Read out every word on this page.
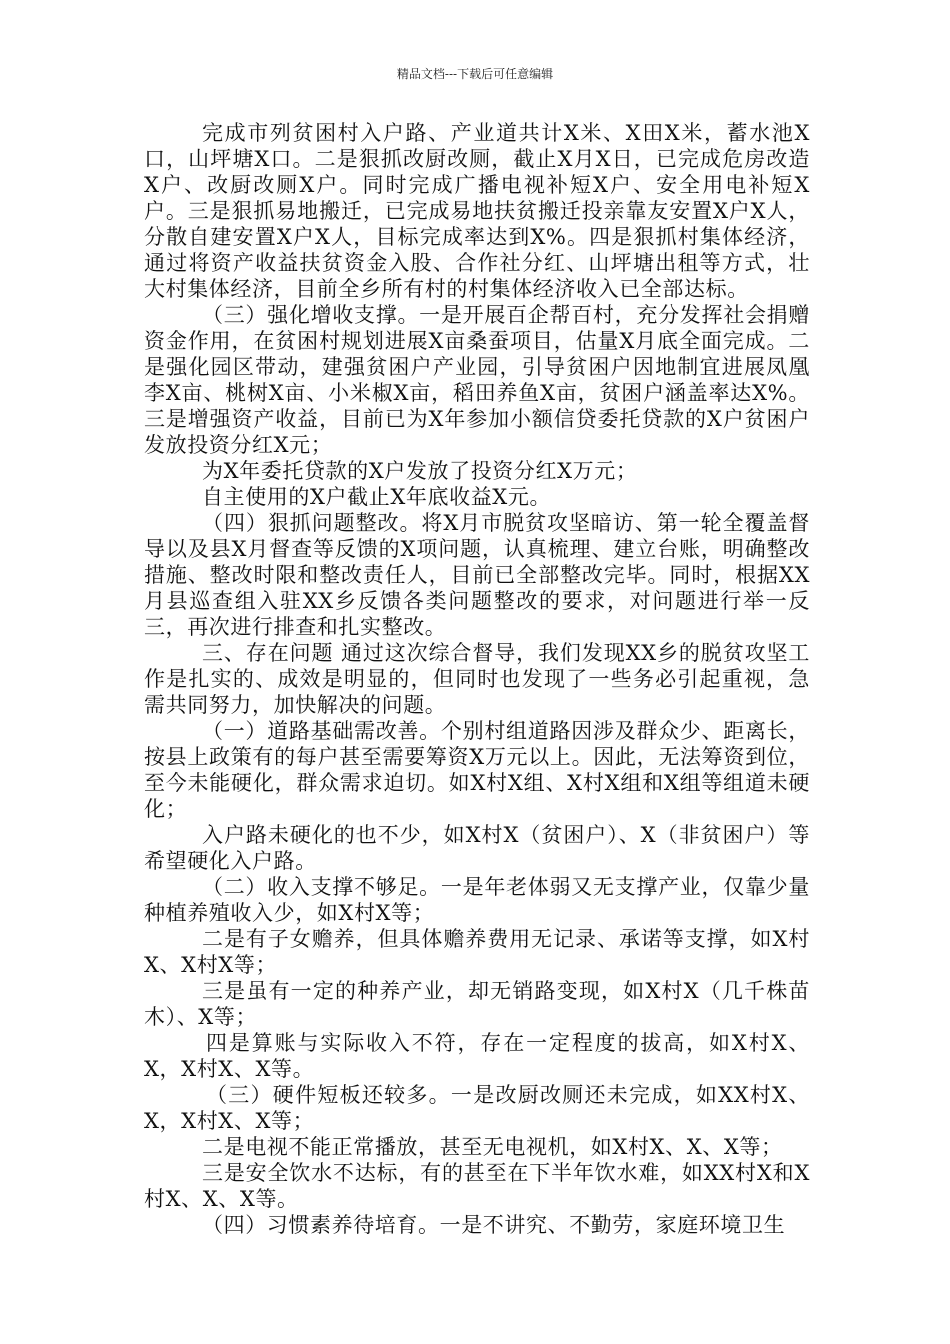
精品文档---下载后可任意编辑

完成市列贫困村入户路、产业道共计X米、X田X米，蓄水池X口，山坪塘X口。二是狠抓改厨改厕，截止X月X日，已完成危房改造X户、改厨改厕X户。同时完成广播电视补短X户、安全用电补短X户。三是狠抓易地搬迁，已完成易地扶贫搬迁投亲靠友安置X户X人，分散自建安置X户X人，目标完成率达到X%。四是狠抓村集体经济，通过将资产收益扶贫资金入股、合作社分红、山坪塘出租等方式，壮大村集体经济，目前全乡所有村的村集体经济收入已全部达标。

（三）强化增收支撑。一是开展百企帮百村，充分发挥社会捐赠资金作用，在贫困村规划进展X亩桑蚕项目，估量X月底全面完成。二是强化园区带动，建强贫困户产业园，引导贫困户因地制宜进展凤凰李X亩、桃树X亩、小米椒X亩，稻田养鱼X亩，贫困户涵盖率达X%。三是增强资产收益，目前已为X年参加小额信贷委托贷款的X户贫困户发放投资分红X元；

为X年委托贷款的X户发放了投资分红X万元；

自主使用的X户截止X年底收益X元。

（四）狠抓问题整改。将X月市脱贫攻坚暗访、第一轮全覆盖督导以及县X月督查等反馈的X项问题，认真梳理、建立台账，明确整改措施、整改时限和整改责任人，目前已全部整改完毕。同时，根据XX月县巡查组入驻XX乡反馈各类问题整改的要求，对问题进行举一反三，再次进行排查和扎实整改。

三、存在问题 通过这次综合督导，我们发现XX乡的脱贫攻坚工作是扎实的、成效是明显的，但同时也发现了一些务必引起重视，急需共同努力，加快解决的问题。

（一）道路基础需改善。个别村组道路因涉及群众少、距离长，按县上政策有的每户甚至需要筹资X万元以上。因此，无法筹资到位，至今未能硬化，群众需求迫切。如X村X组、X村X组和X组等组道未硬化；

入户路未硬化的也不少，如X村X（贫困户）、X（非贫困户）等希望硬化入户路。

（二）收入支撑不够足。一是年老体弱又无支撑产业，仅靠少量种植养殖收入少，如X村X等；

二是有子女赡养，但具体赡养费用无记录、承诺等支撑，如X村X、X村X等；

三是虽有一定的种养产业，却无销路变现，如X村X（几千株苗木）、X等；

四是算账与实际收入不符，存在一定程度的拔高，如X村X、X，X村X、X等。

（三）硬件短板还较多。一是改厨改厕还未完成，如XX村X、X，X村X、X等；

二是电视不能正常播放，甚至无电视机，如X村X、X、X等；

三是安全饮水不达标，有的甚至在下半年饮水难，如XX村X和X村X、X、X等。

（四）习惯素养待培育。一是不讲究、不勤劳，家庭环境卫生
